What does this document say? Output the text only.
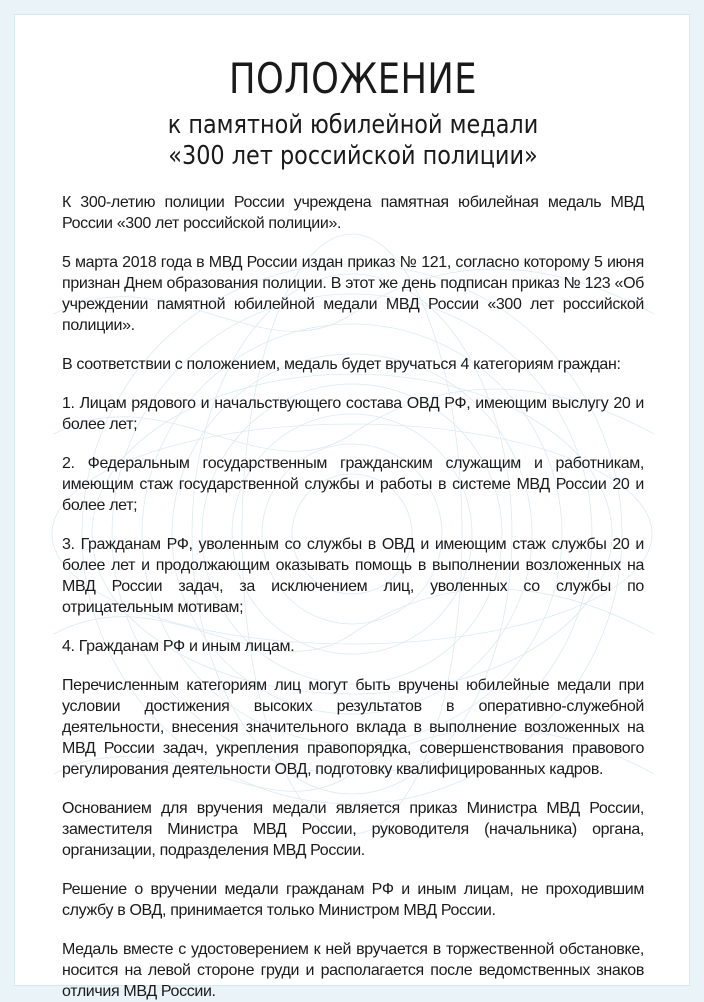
ПОЛОЖЕНИЕ
к памятной юбилейной медали
«300 лет российской полиции»

К 300-летию полиции России учреждена памятная юбилейная медаль МВД России «300 лет российской полиции».

5 марта 2018 года в МВД России издан приказ № 121, согласно которому 5 июня признан Днем образования полиции. В этот же день подписан приказ № 123 «Об учреждении памятной юбилейной медали МВД России «300 лет российской полиции».

В соответствии с положением, медаль будет вручаться 4 категориям граждан:

1. Лицам рядового и начальствующего состава ОВД РФ, имеющим выслугу 20 и более лет;

2. Федеральным государственным гражданским служащим и работникам, имеющим стаж государственной службы и работы в системе МВД России 20 и более лет;

3. Гражданам РФ, уволенным со службы в ОВД и имеющим стаж службы 20 и более лет и продолжающим оказывать помощь в выполнении возложенных на МВД России задач, за исключением лиц, уволенных со службы по отрицательным мотивам;

4. Гражданам РФ и иным лицам.

Перечисленным категориям лиц могут быть вручены юбилейные медали при условии достижения высоких результатов в оперативно-служебной деятельности, внесения значительного вклада в выполнение возложенных на МВД России задач, укрепления правопорядка, совершенствования правового регулирования деятельности ОВД, подготовку квалифицированных кадров.

Основанием для вручения медали является приказ Министра МВД России, заместителя Министра МВД России, руководителя (начальника) органа, организации, подразделения МВД России.

Решение о вручении медали гражданам РФ и иным лицам, не проходившим службу в ОВД, принимается только Министром МВД России.

Медаль вместе с удостоверением к ней вручается в торжественной обстановке, носится на левой стороне груди и располагается после ведомственных знаков отличия МВД России.
